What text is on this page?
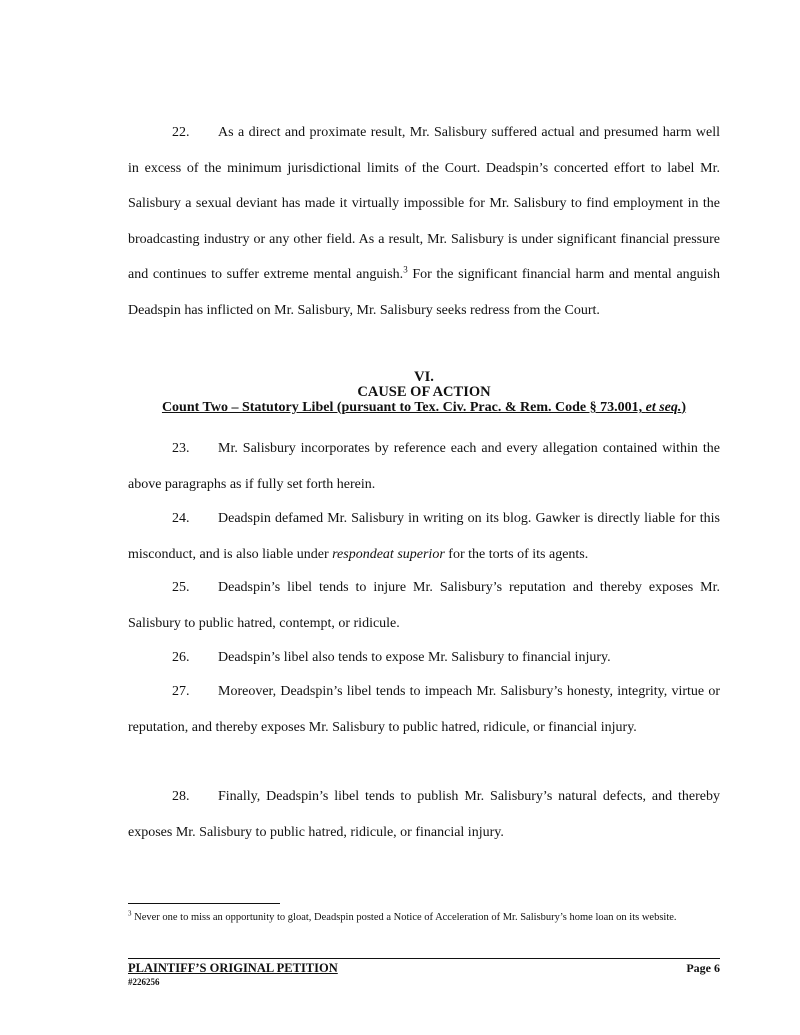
22. As a direct and proximate result, Mr. Salisbury suffered actual and presumed harm well in excess of the minimum jurisdictional limits of the Court. Deadspin’s concerted effort to label Mr. Salisbury a sexual deviant has made it virtually impossible for Mr. Salisbury to find employment in the broadcasting industry or any other field. As a result, Mr. Salisbury is under significant financial pressure and continues to suffer extreme mental anguish.$^3$ For the significant financial harm and mental anguish Deadspin has inflicted on Mr. Salisbury, Mr. Salisbury seeks redress from the Court.

VI.
CAUSE OF ACTION
Count Two – Statutory Libel (pursuant to Tex. Civ. Prac. & Rem. Code § 73.001, et seq.)

23. Mr. Salisbury incorporates by reference each and every allegation contained within the above paragraphs as if fully set forth herein.

24. Deadspin defamed Mr. Salisbury in writing on its blog. Gawker is directly liable for this misconduct, and is also liable under respondeat superior for the torts of its agents.

25. Deadspin’s libel tends to injure Mr. Salisbury’s reputation and thereby exposes Mr. Salisbury to public hatred, contempt, or ridicule.

26. Deadspin’s libel also tends to expose Mr. Salisbury to financial injury.

27. Moreover, Deadspin’s libel tends to impeach Mr. Salisbury’s honesty, integrity, virtue or reputation, and thereby exposes Mr. Salisbury to public hatred, ridicule, or financial injury.

28. Finally, Deadspin’s libel tends to publish Mr. Salisbury’s natural defects, and thereby exposes Mr. Salisbury to public hatred, ridicule, or financial injury.

$^3$ Never one to miss an opportunity to gloat, Deadspin posted a Notice of Acceleration of Mr. Salisbury’s home loan on its website.
PLAINTIFF’S ORIGINAL PETITION	Page 6
#226256
